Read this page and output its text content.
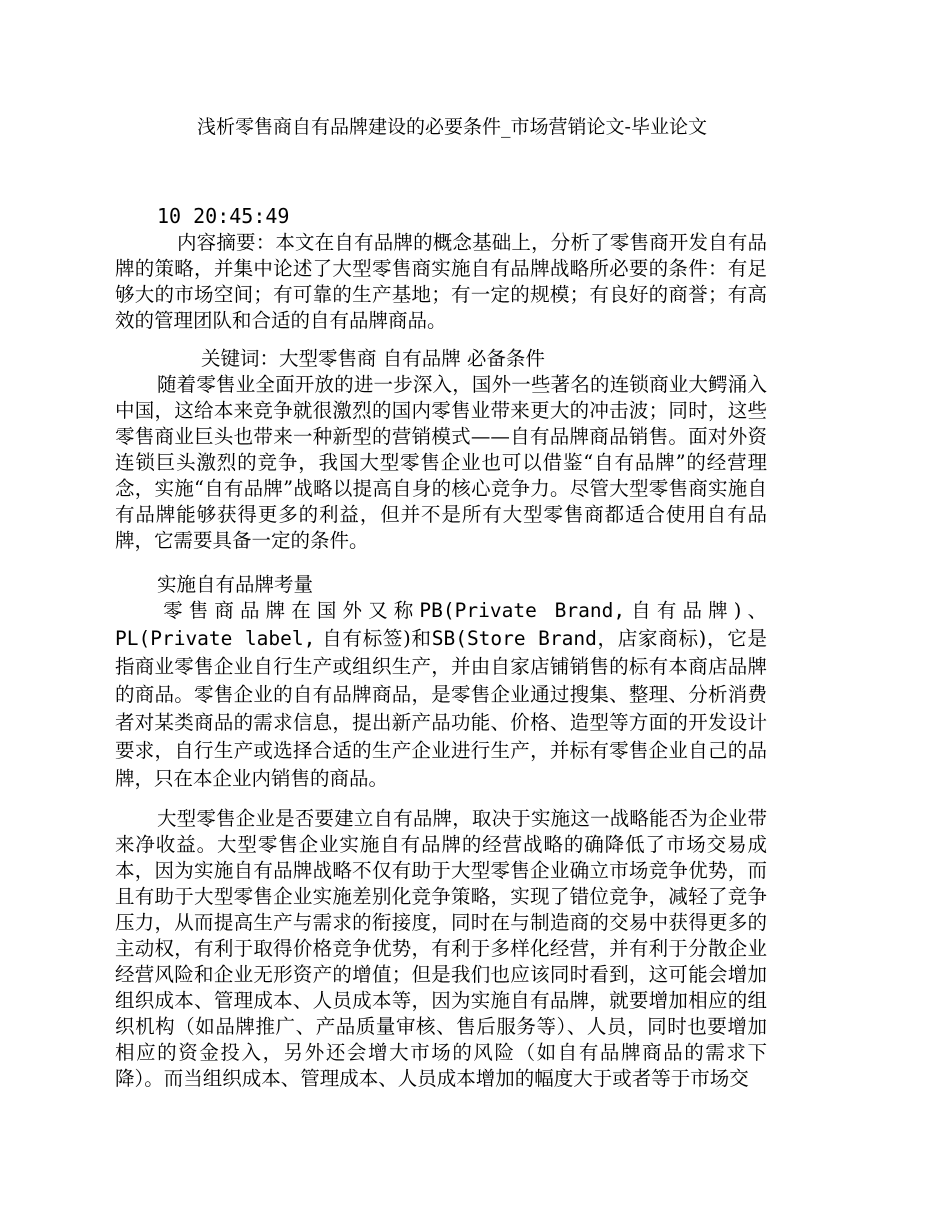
浅析零售商自有品牌建设的必要条件_市场营销论文-毕业论文
10 20:45:49
内容摘要：本文在自有品牌的概念基础上，分析了零售商开发自有品牌的策略，并集中论述了大型零售商实施自有品牌战略所必要的条件：有足够大的市场空间；有可靠的生产基地；有一定的规模；有良好的商誉；有高效的管理团队和合适的自有品牌商品。
关键词：大型零售商 自有品牌 必备条件
随着零售业全面开放的进一步深入，国外一些著名的连锁商业大鳄涌入中国，这给本来竞争就很激烈的国内零售业带来更大的冲击波；同时，这些零售商业巨头也带来一种新型的营销模式——自有品牌商品销售。面对外资连锁巨头激烈的竞争，我国大型零售企业也可以借鉴“自有品牌”的经营理念，实施“自有品牌”战略以提高自身的核心竞争力。尽管大型零售商实施自有品牌能够获得更多的利益，但并不是所有大型零售商都适合使用自有品牌，它需要具备一定的条件。
实施自有品牌考量
零售商品牌在国外又称PB(Private Brand,自有品牌)、PL(Private label, 自有标签)和SB(Store Brand，店家商标)，它是指商业零售企业自行生产或组织生产，并由自家店铺销售的标有本商店品牌的商品。零售企业的自有品牌商品，是零售企业通过搜集、整理、分析消费者对某类商品的需求信息，提出新产品功能、价格、造型等方面的开发设计要求，自行生产或选择合适的生产企业进行生产，并标有零售企业自己的品牌，只在本企业内销售的商品。
大型零售企业是否要建立自有品牌，取决于实施这一战略能否为企业带来净收益。大型零售企业实施自有品牌的经营战略的确降低了市场交易成本，因为实施自有品牌战略不仅有助于大型零售企业确立市场竞争优势，而且有助于大型零售企业实施差别化竞争策略，实现了错位竞争，减轻了竞争压力，从而提高生产与需求的衔接度，同时在与制造商的交易中获得更多的主动权，有利于取得价格竞争优势，有利于多样化经营，并有利于分散企业经营风险和企业无形资产的增值；但是我们也应该同时看到，这可能会增加组织成本、管理成本、人员成本等，因为实施自有品牌，就要增加相应的组织机构（如品牌推广、产品质量审核、售后服务等）、人员，同时也要增加相应的资金投入，另外还会增大市场的风险（如自有品牌商品的需求下降）。而当组织成本、管理成本、人员成本增加的幅度大于或者等于市场交
